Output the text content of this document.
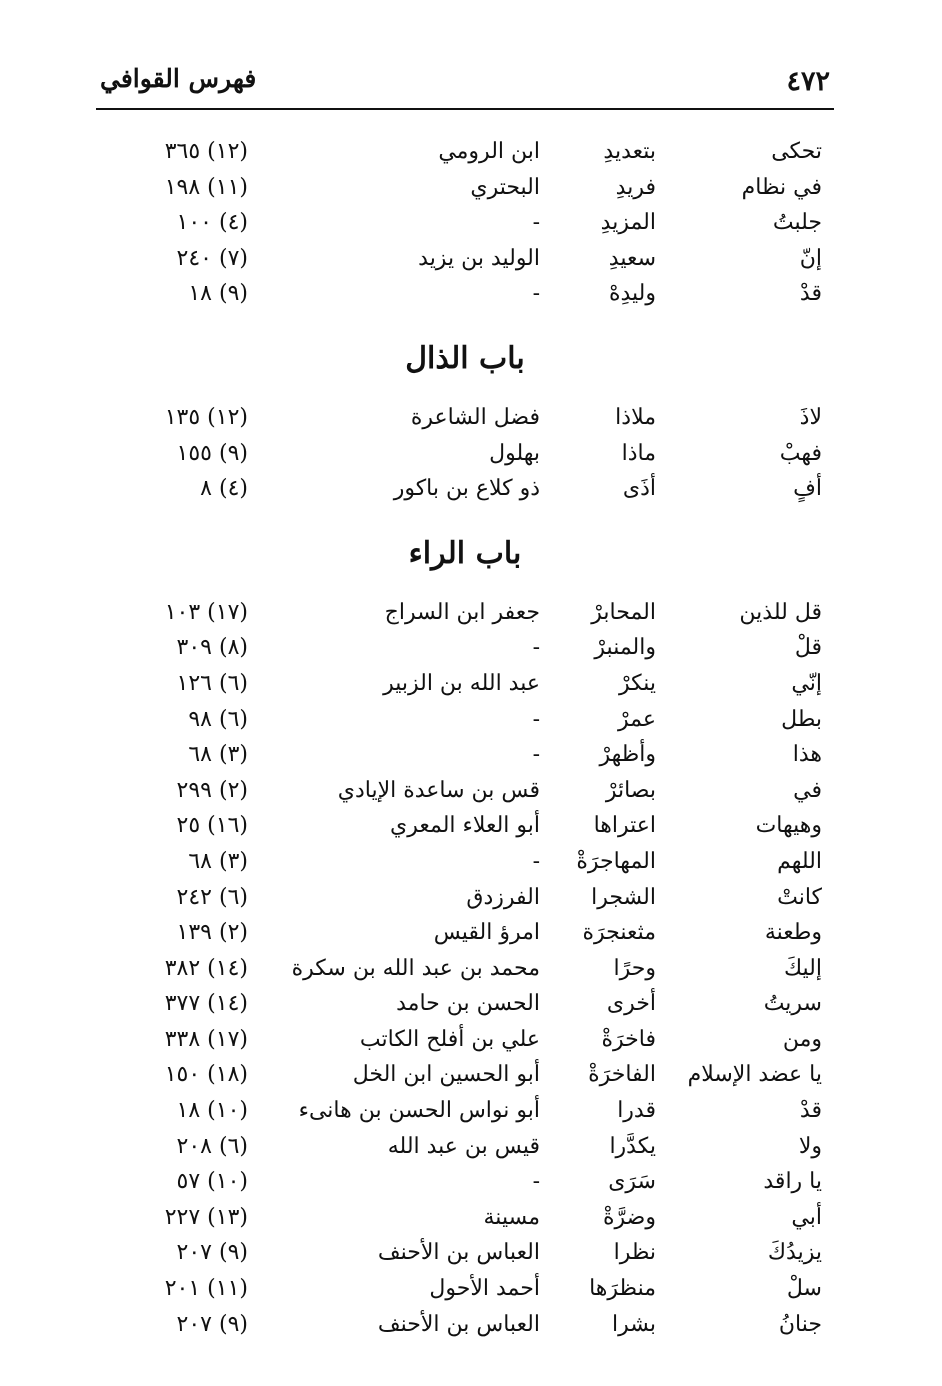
٤٧٢
فهرس القوافي
تحكى
بتعديدِ
ابن الرومي
(١٢) ٣٦٥
في نظام
فريدِ
البحتري
(١١) ١٩٨
جلبتُ
المزيدِ
-
(٤) ١٠٠
إنّ
سعيدِ
الوليد بن يزيد
(٧) ٢٤٠
قدْ
وليدِهْ
-
(٩) ١٨
باب الذال
لاذَ
ملاذا
فضل الشاعرة
(١٢) ١٣٥
فهبْ
ماذا
بهلول
(٩) ١٥٥
أفٍ
أذَى
ذو كلاع بن باكور
(٤) ٨
باب الراء
قل للذين
المحابرْ
جعفر ابن السراج
(١٧) ١٠٣
قلْ
والمنبرْ
-
(٨) ٣٠٩
إنّي
ينكرْ
عبد الله بن الزبير
(٦) ١٢٦
بطل
عمرْ
-
(٦) ٩٨
هذا
وأظهرْ
-
(٣) ٦٨
في
بصائرْ
قس بن ساعدة الإيادي
(٢) ٢٩٩
وهيهات
اعتراها
أبو العلاء المعري
(١٦) ٢٥
اللهم
المهاجرَةْ
-
(٣) ٦٨
كانتْ
الشجرا
الفرزدق
(٦) ٢٤٢
وطعنة
مثعنجرَة
امرؤ القيس
(٢) ١٣٩
إليكَ
وحرًا
محمد بن عبد الله بن سكرة
(١٤) ٣٨٢
سريتُ
أخرى
الحسن بن حامد
(١٤) ٣٧٧
ومن
فاخرَةْ
علي بن أفلح الكاتب
(١٧) ٣٣٨
يا عضد الإسلام
الفاخرَةْ
أبو الحسين ابن الخل
(١٨) ١٥٠
قدْ
قدرا
أبو نواس الحسن بن هانىء
(١٠) ١٨
ولا
يكدَّرا
قيس بن عبد الله
(٦) ٢٠٨
يا راقد
سَرَى
-
(١٠) ٥٧
أبي
وضرَّةْ
مسينة
(١٣) ٢٢٧
يزيدُكَ
نظرا
العباس بن الأحنف
(٩) ٢٠٧
سلْ
منظرَها
أحمد الأحول
(١١) ٢٠١
جنانُ
بشرا
العباس بن الأحنف
(٩) ٢٠٧
